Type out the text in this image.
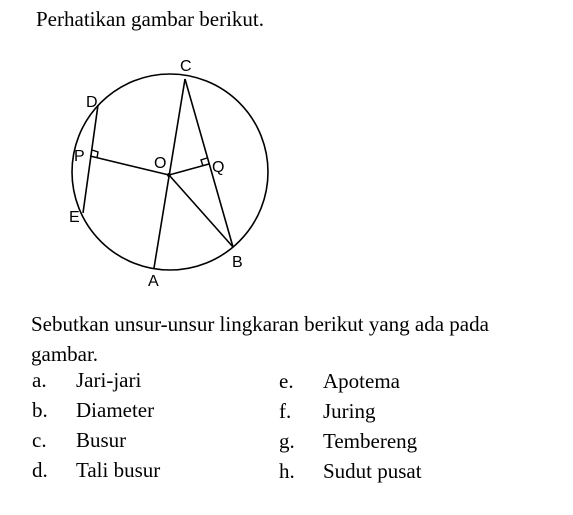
Perhatikan gambar berikut.
C
D
P	O	Q
E
B
A
Sebutkan unsur-unsur lingkaran berikut yang ada pada gambar.
a. Jari-jari
b. Diameter
c. Busur
d. Tali busur
e. Apotema
f. Juring
g. Tembereng
h. Sudut pusat
